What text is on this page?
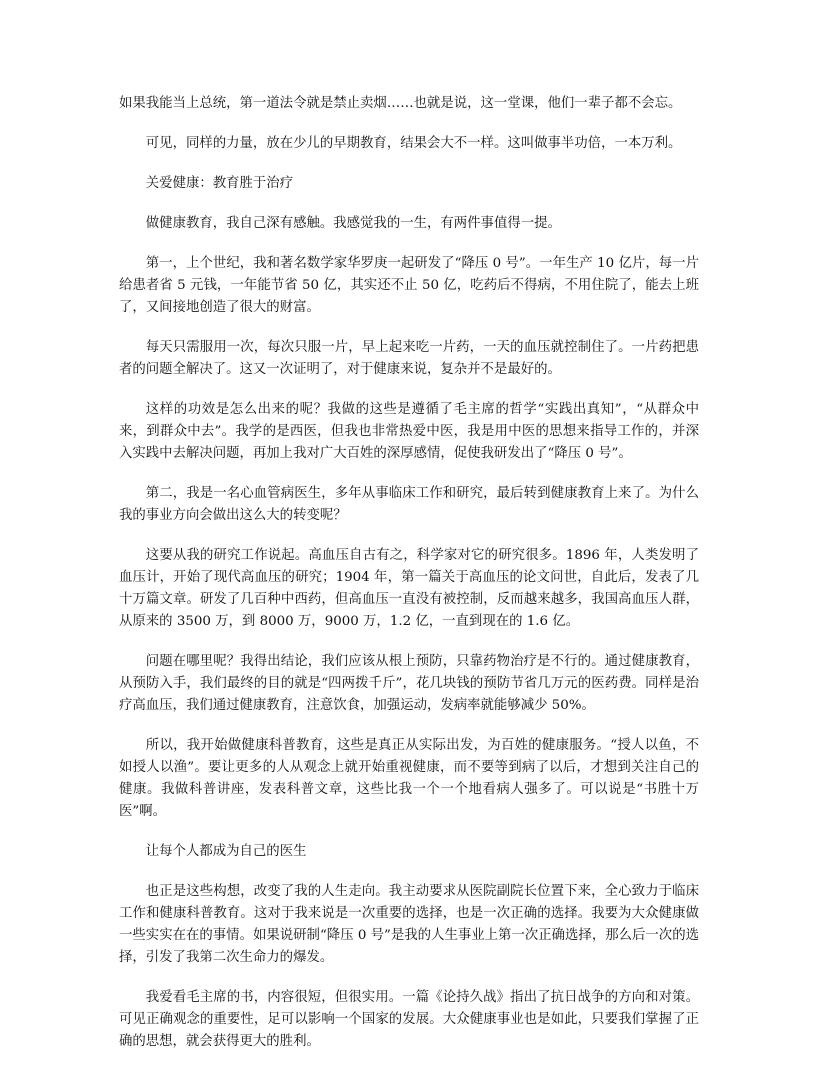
如果我能当上总统，第一道法令就是禁止卖烟……也就是说，这一堂课，他们一辈子都不会忘。

可见，同样的力量，放在少儿的早期教育，结果会大不一样。这叫做事半功倍，一本万利。

关爱健康：教育胜于治疗

做健康教育，我自己深有感触。我感觉我的一生，有两件事值得一提。

第一，上个世纪，我和著名数学家华罗庚一起研发了“降压 0 号”。一年生产 10 亿片，每一片给患者省 5 元钱，一年能节省 50 亿，其实还不止 50 亿，吃药后不得病，不用住院了，能去上班了，又间接地创造了很大的财富。

每天只需服用一次，每次只服一片，早上起来吃一片药，一天的血压就控制住了。一片药把患者的问题全解决了。这又一次证明了，对于健康来说，复杂并不是最好的。

这样的功效是怎么出来的呢？我做的这些是遵循了毛主席的哲学“实践出真知”，“从群众中来，到群众中去”。我学的是西医，但我也非常热爱中医，我是用中医的思想来指导工作的，并深入实践中去解决问题，再加上我对广大百姓的深厚感情，促使我研发出了“降压 0 号”。

第二，我是一名心血管病医生，多年从事临床工作和研究，最后转到健康教育上来了。为什么我的事业方向会做出这么大的转变呢？

这要从我的研究工作说起。高血压自古有之，科学家对它的研究很多。1896 年，人类发明了血压计，开始了现代高血压的研究；1904 年，第一篇关于高血压的论文问世，自此后，发表了几十万篇文章。研发了几百种中西药，但高血压一直没有被控制，反而越来越多，我国高血压人群，从原来的 3500 万，到 8000 万，9000 万，1.2 亿，一直到现在的 1.6 亿。

问题在哪里呢？我得出结论，我们应该从根上预防，只靠药物治疗是不行的。通过健康教育，从预防入手，我们最终的目的就是“四两拨千斤”，花几块钱的预防节省几万元的医药费。同样是治疗高血压，我们通过健康教育，注意饮食，加强运动，发病率就能够减少 50%。

所以，我开始做健康科普教育，这些是真正从实际出发，为百姓的健康服务。“授人以鱼，不如授人以渔”。要让更多的人从观念上就开始重视健康，而不要等到病了以后，才想到关注自己的健康。我做科普讲座，发表科普文章，这些比我一个一个地看病人强多了。可以说是“书胜十万医”啊。

让每个人都成为自己的医生

也正是这些构想，改变了我的人生走向。我主动要求从医院副院长位置下来，全心致力于临床工作和健康科普教育。这对于我来说是一次重要的选择，也是一次正确的选择。我要为大众健康做一些实实在在的事情。如果说研制“降压 0 号”是我的人生事业上第一次正确选择，那么后一次的选择，引发了我第二次生命力的爆发。

我爱看毛主席的书，内容很短，但很实用。一篇《论持久战》指出了抗日战争的方向和对策。可见正确观念的重要性，足可以影响一个国家的发展。大众健康事业也是如此，只要我们掌握了正确的思想，就会获得更大的胜利。
